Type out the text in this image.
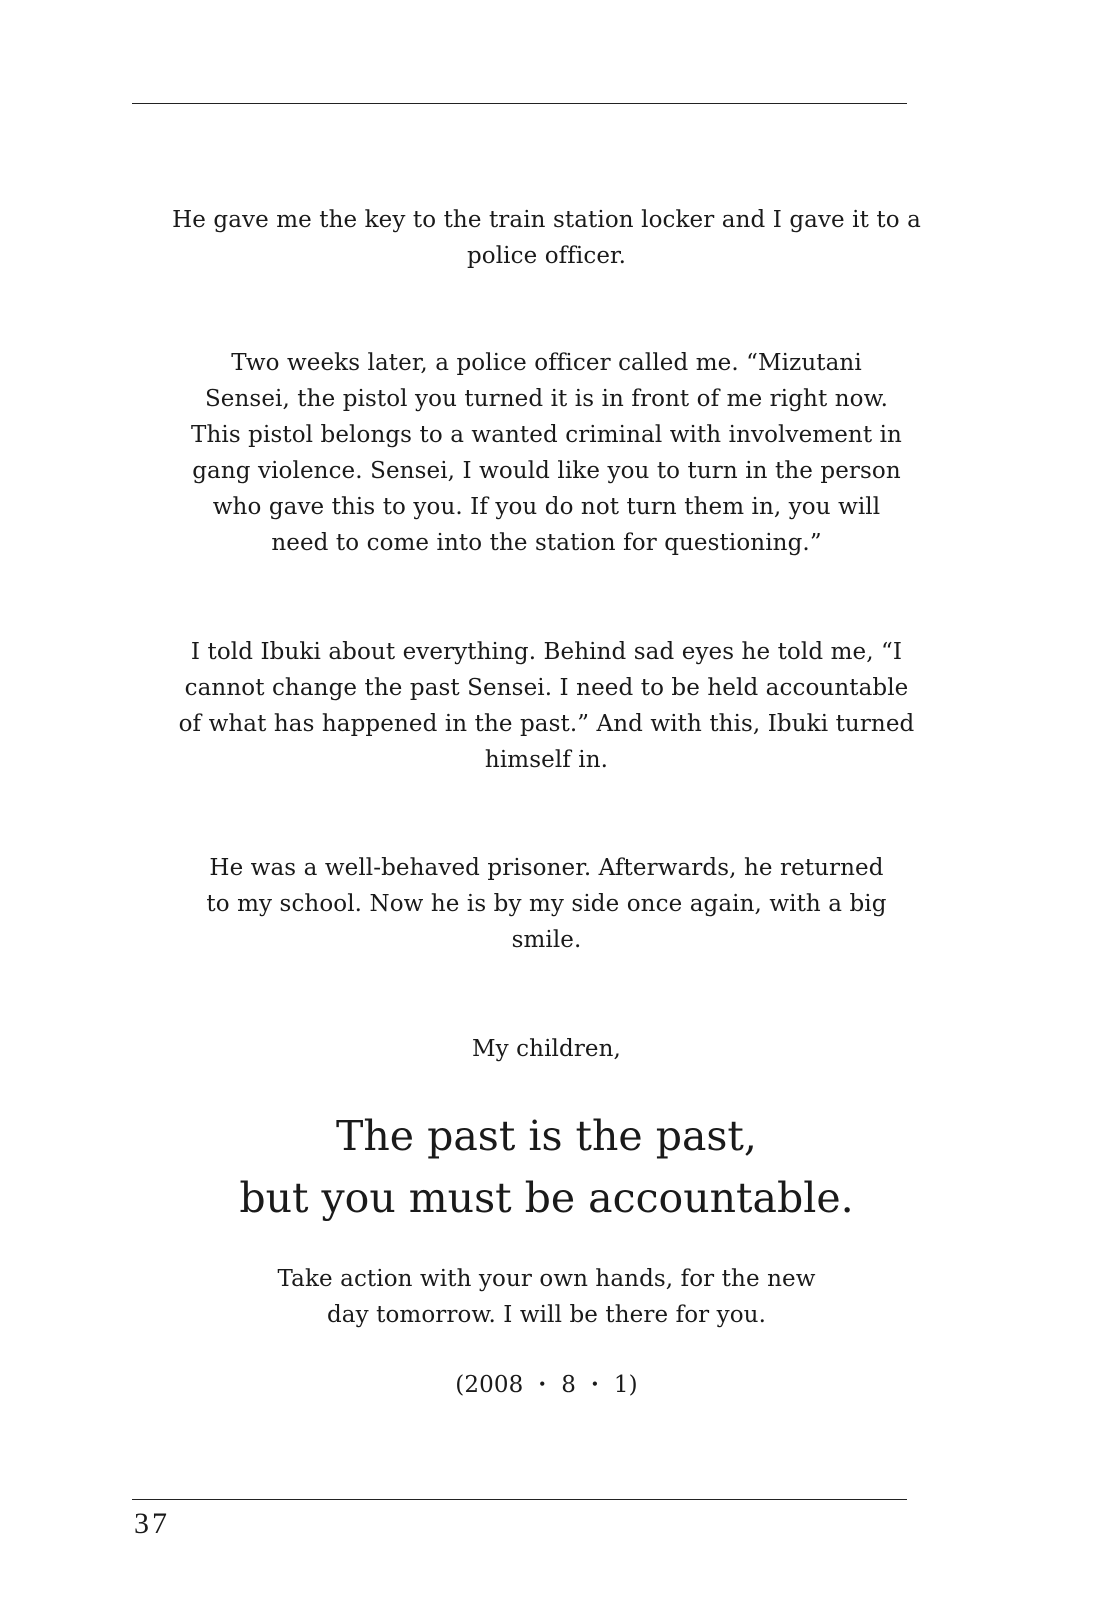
He gave me the key to the train station locker and I gave it to a police officer.

Two weeks later, a police officer called me. “Mizutani Sensei, the pistol you turned it is in front of me right now. This pistol belongs to a wanted criminal with involvement in gang violence. Sensei, I would like you to turn in the person who gave this to you. If you do not turn them in, you will need to come into the station for questioning.”

I told Ibuki about everything. Behind sad eyes he told me, “I cannot change the past Sensei. I need to be held accountable of what has happened in the past.” And with this, Ibuki turned himself in.

He was a well-behaved prisoner. Afterwards, he returned to my school. Now he is by my side once again, with a big smile.

My children,

The past is the past,
but you must be accountable.

Take action with your own hands, for the new day tomorrow. I will be there for you.

(2008 ・ 8 ・ 1)

37
